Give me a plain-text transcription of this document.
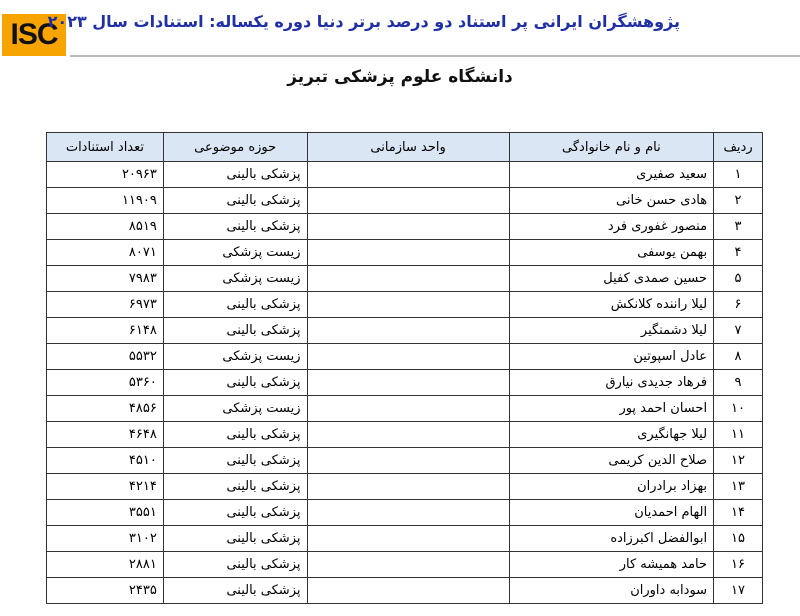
ISC
پژوهشگران ایرانی پر استناد دو درصد برتر دنیا دوره یکساله: استنادات سال ۲۰۲۳
دانشگاه علوم پزشکی تبریز
ردیف	نام و نام خانوادگی	واحد سازمانی	حوزه موضوعی	تعداد استنادات
۱	سعید صفیری		پزشکی بالینی	۲۰۹۶۳
۲	هادی حسن خانی		پزشکی بالینی	۱۱۹۰۹
۳	منصور غفوری فرد		پزشکی بالینی	۸۵۱۹
۴	بهمن یوسفی		زیست پزشکی	۸۰۷۱
۵	حسین صمدی کفیل		زیست پزشکی	۷۹۸۳
۶	لیلا راننده کلانکش		پزشکی بالینی	۶۹۷۳
۷	لیلا دشمنگیر		پزشکی بالینی	۶۱۴۸
۸	عادل اسپوتین		زیست پزشکی	۵۵۳۲
۹	فرهاد جدیدی نیارق		پزشکی بالینی	۵۳۶۰
۱۰	احسان احمد پور		زیست پزشکی	۴۸۵۶
۱۱	لیلا جهانگیری		پزشکی بالینی	۴۶۴۸
۱۲	صلاح الدین کریمی		پزشکی بالینی	۴۵۱۰
۱۳	بهزاد برادران		پزشکی بالینی	۴۲۱۴
۱۴	الهام احمدیان		پزشکی بالینی	۳۵۵۱
۱۵	ابوالفضل اکبرزاده		پزشکی بالینی	۳۱۰۲
۱۶	حامد همیشه کار		پزشکی بالینی	۲۸۸۱
۱۷	سودابه داوران		پزشکی بالینی	۲۴۳۵
